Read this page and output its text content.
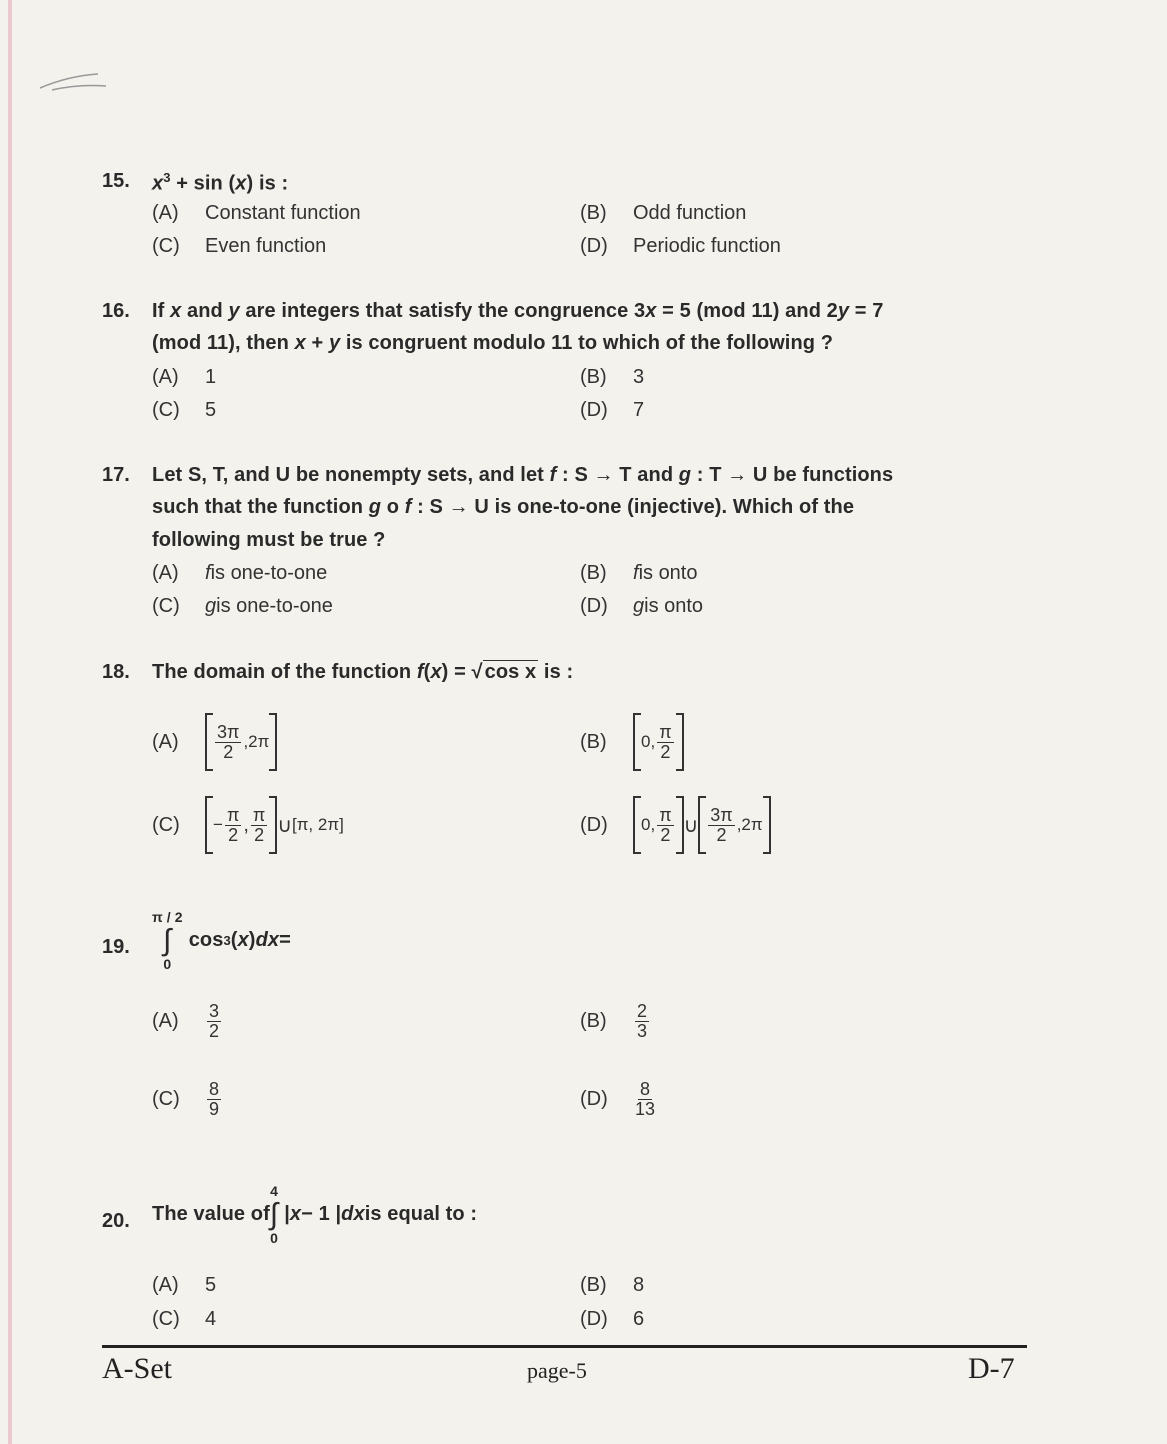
15. $x^3 + \sin (x)$ is :
(A)	Constant function	(B)	Odd function
(C)	Even function	(D)	Periodic function
16. If x and y are integers that satisfy the congruence 3x = 5 (mod 11) and 2y = 7
(mod 11), then x + y is congruent modulo 11 to which of the following ?
(A)	1	(B)	3
(C)	5	(D)	7
17. Let S, T, and U be nonempty sets, and let f : S → T and g : T → U be functions
such that the function g o f : S → U is one-to-one (injective). Which of the
following must be true ?
(A)	f is one-to-one	(B)	f is onto
(C)	g is one-to-one	(D)	g is onto
18. The domain of the function f(x) = √ cos x is :
(A)	$\frac{3\pi}{2} ,2\pi$	(B)	0, $\frac{\pi}{2}$
(C)	− $\frac{\pi}{2}$ , $\frac{\pi}{2}$ ∪ [π, 2π]	(D)	0, $\frac{\pi}{2}$ ∪ $\frac{3\pi}{2} ,2\pi$
19.
π / 2
∫
0
cos 3 ( x ) dx =
(A)	$\frac{3}{2}$	(B)	$\frac{2}{3}$
(C)	$\frac{8}{9}$	(D)	$\frac{8}{13}$
20. The value of
4
∫
0
| x − 1 | dx is equal to :
(A)	5	(B)	8
(C)	4	(D)	6
A-Set	page-5	D-7
